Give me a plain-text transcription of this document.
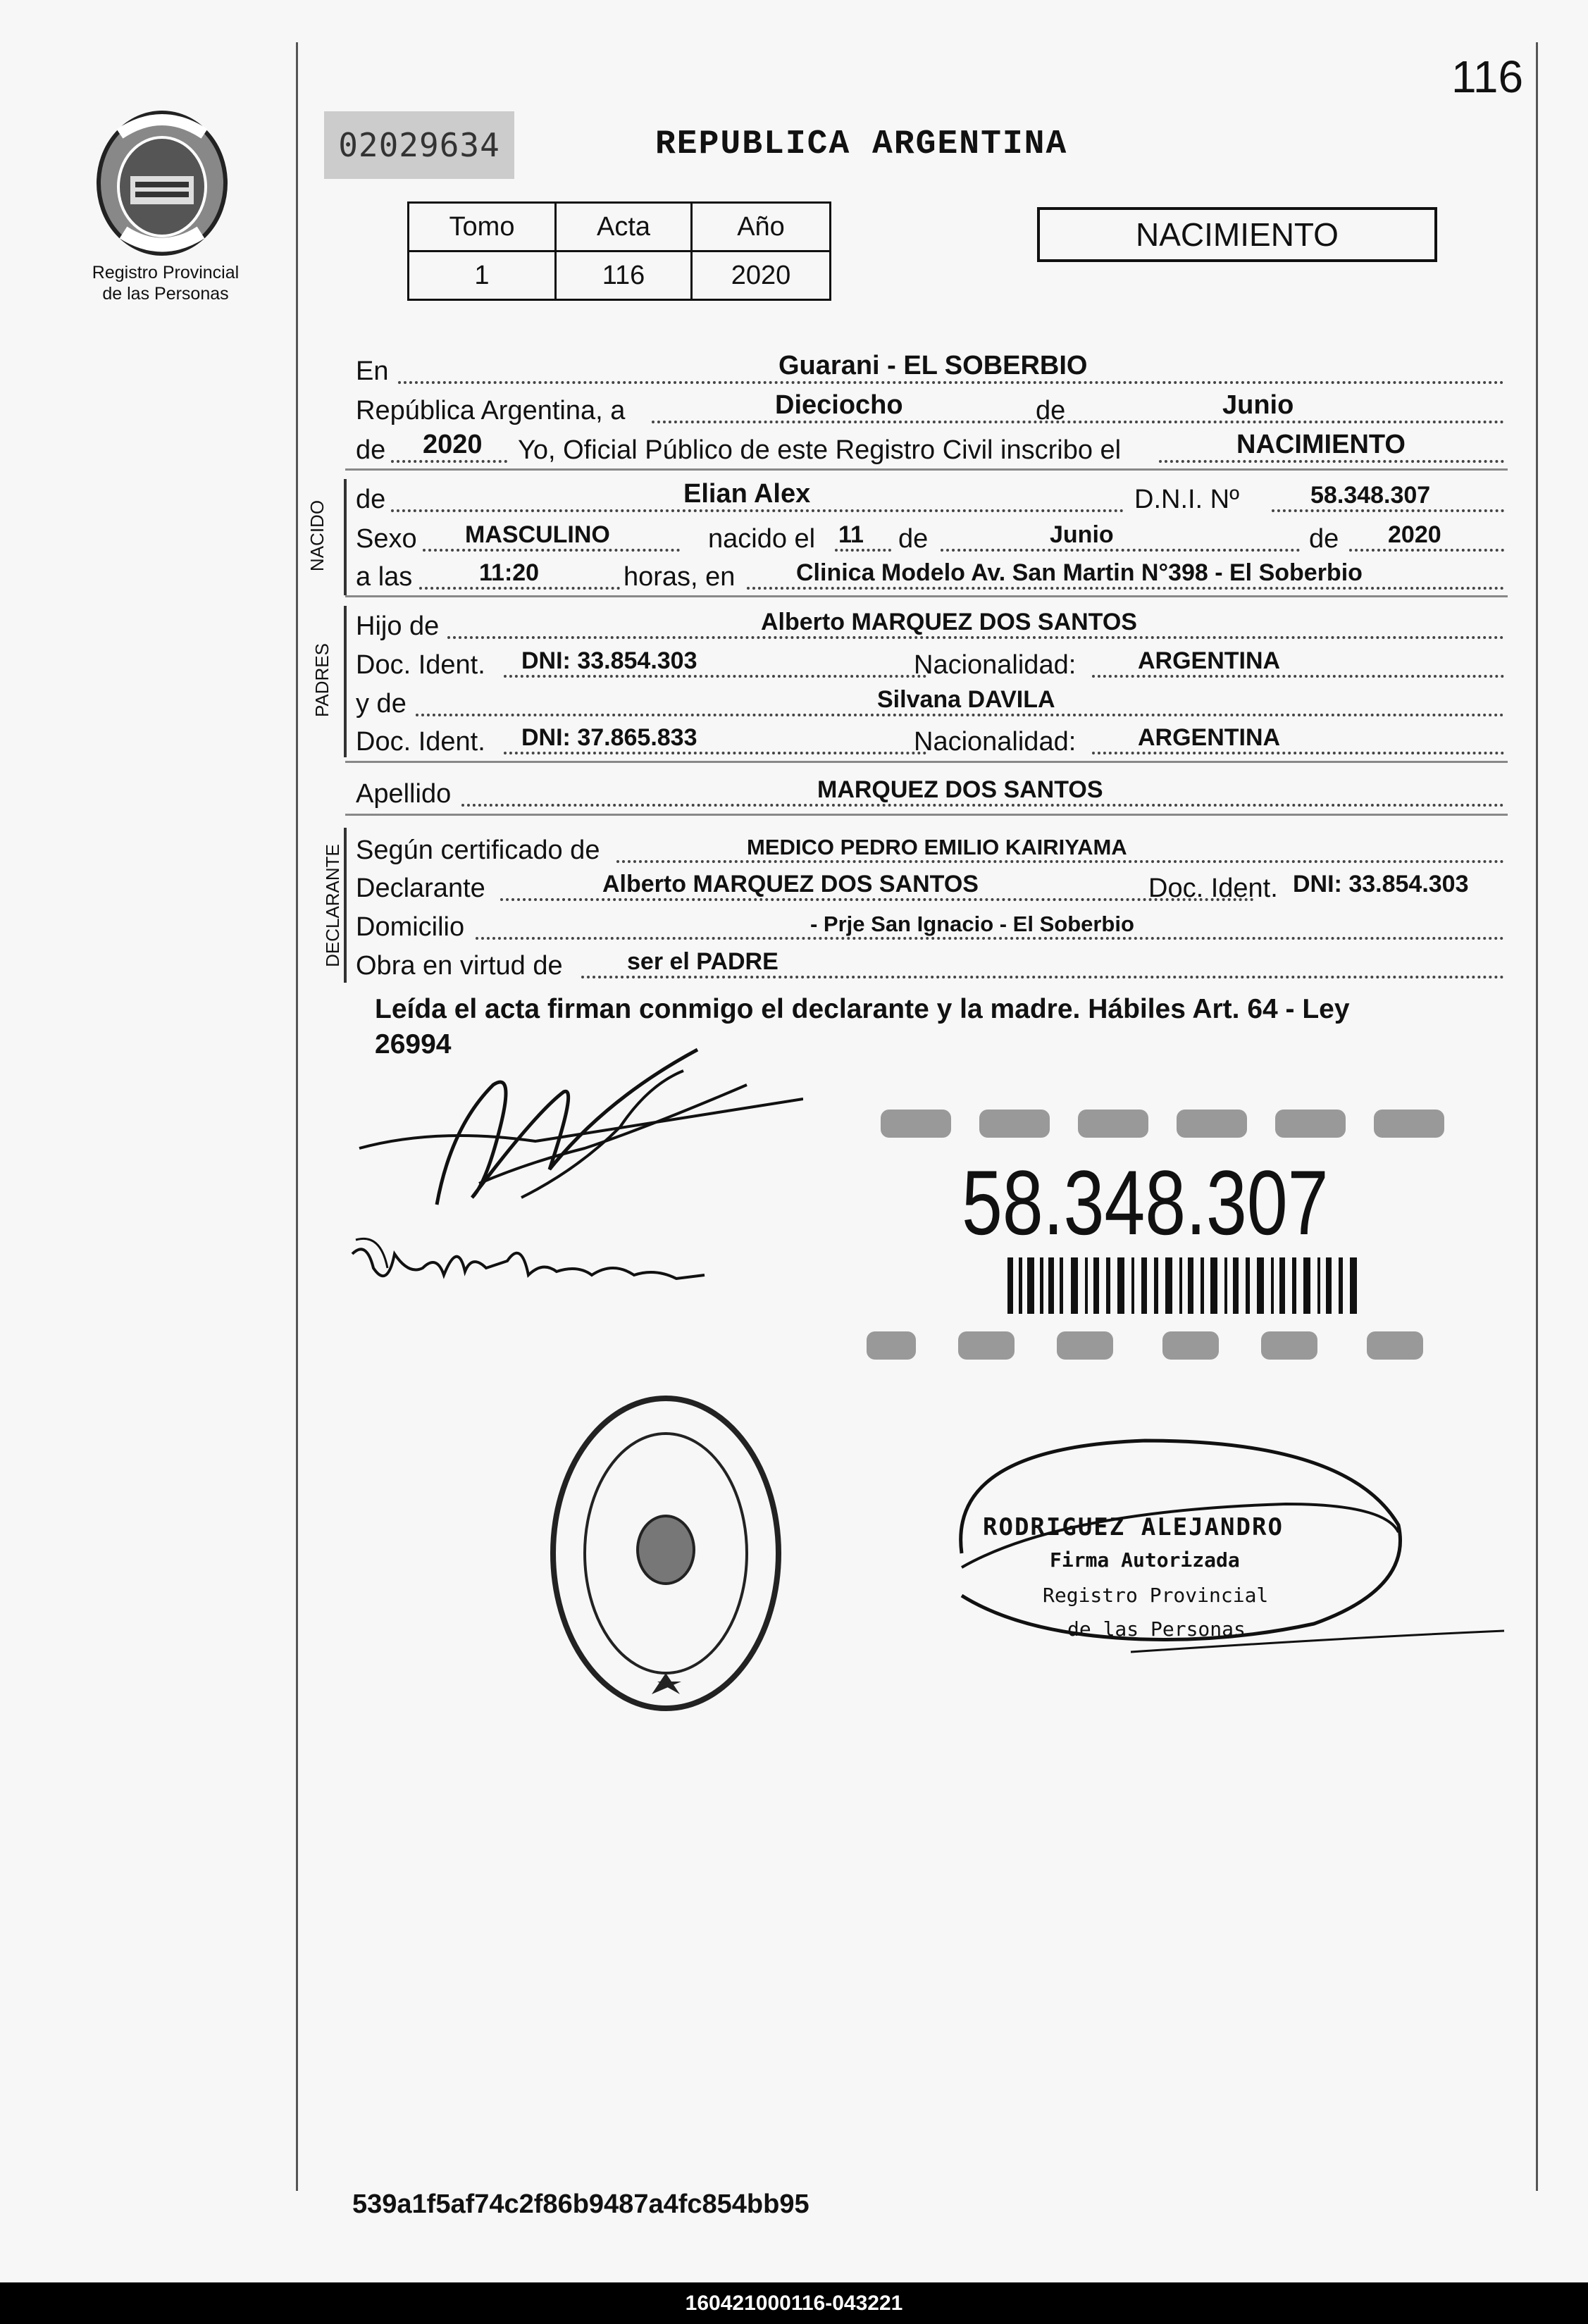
116
Registro Provincial
de las Personas
02029634	REPUBLICA ARGENTINA
Tomo	Acta	Año
1	116	2020
NACIMIENTO
En	Guarani - EL SOBERBIO
República Argentina, a	Dieciocho	de	Junio
de 2020 Yo, Oficial Público de este Registro Civil inscribo el	NACIMIENTO
NACIDO
de	Elian Alex	D.N.I. Nº	58.348.307
Sexo MASCULINO	nacido el 11 de	Junio	de 2020
a las	11:20	horas, en	Clinica Modelo Av. San Martin N°398 - El Soberbio
PADRES
Hijo de	Alberto MARQUEZ DOS SANTOS
Doc. Ident. DNI: 33.854.303	Nacionalidad:	ARGENTINA
y de	Silvana DAVILA
Doc. Ident. DNI: 37.865.833	Nacionalidad:	ARGENTINA
Apellido	MARQUEZ DOS SANTOS
DECLARANTE Según certificado de	MEDICO PEDRO EMILIO KAIRIYAMA
Declarante	Alberto MARQUEZ DOS SANTOS	Doc. Ident. DNI: 33.854.303
Domicilio	- Prje San Ignacio - El Soberbio
Obra en virtud de	ser el PADRE
Leída el acta firman conmigo el declarante y la madre. Hábiles Art. 64 - Ley
26994
58.348.307
RODRIGUEZ ALEJANDRO
Firma Autorizada
Registro Provincial
de las Personas
539a1f5af74c2f86b9487a4fc854bb95
160421000116-043221
